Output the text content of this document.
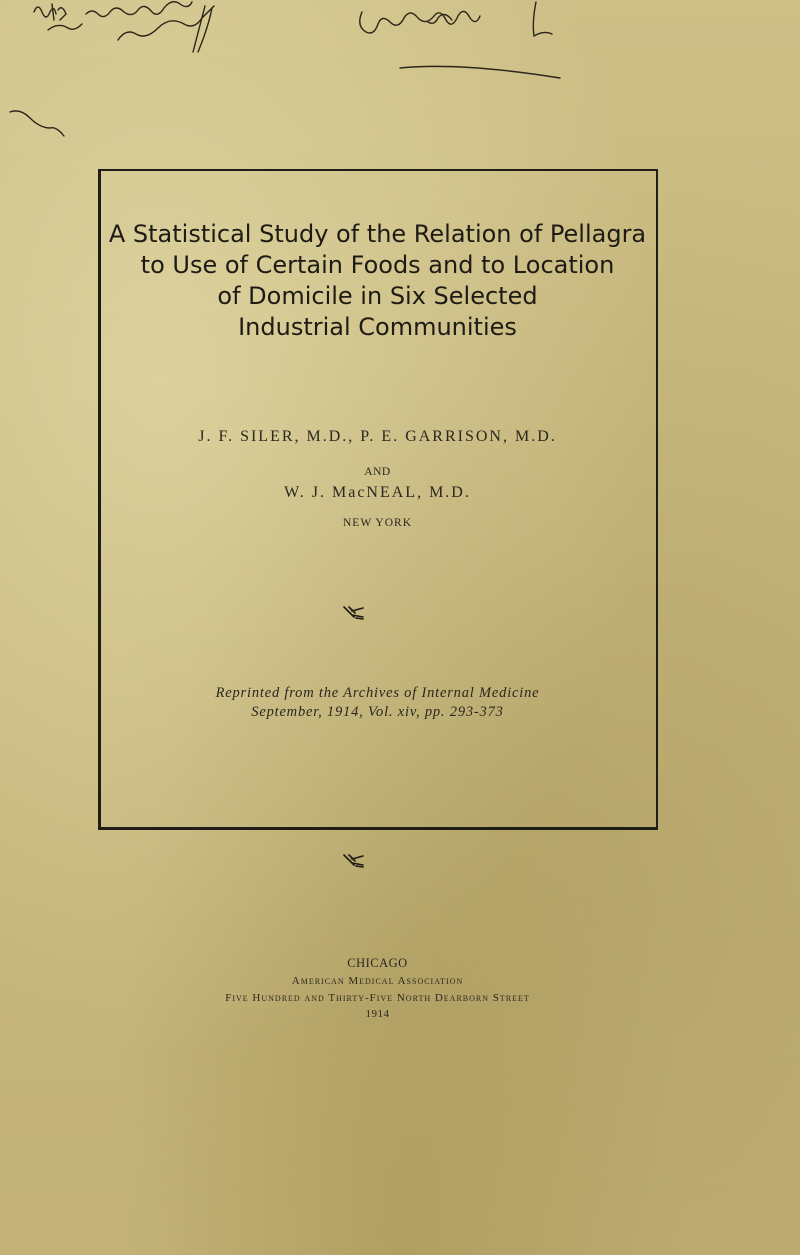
A Statistical Study of the Relation of Pellagra
to Use of Certain Foods and to Location
of Domicile in Six Selected
Industrial Communities
J. F. SILER, M.D., P. E. GARRISON, M.D.
AND
W. J. MacNEAL, M.D.
NEW YORK
Reprinted from the Archives of Internal Medicine
September, 1914, Vol. xiv, pp. 293-373
CHICAGO
American Medical Association
Five Hundred and Thirty-Five North Dearborn Street
1914
